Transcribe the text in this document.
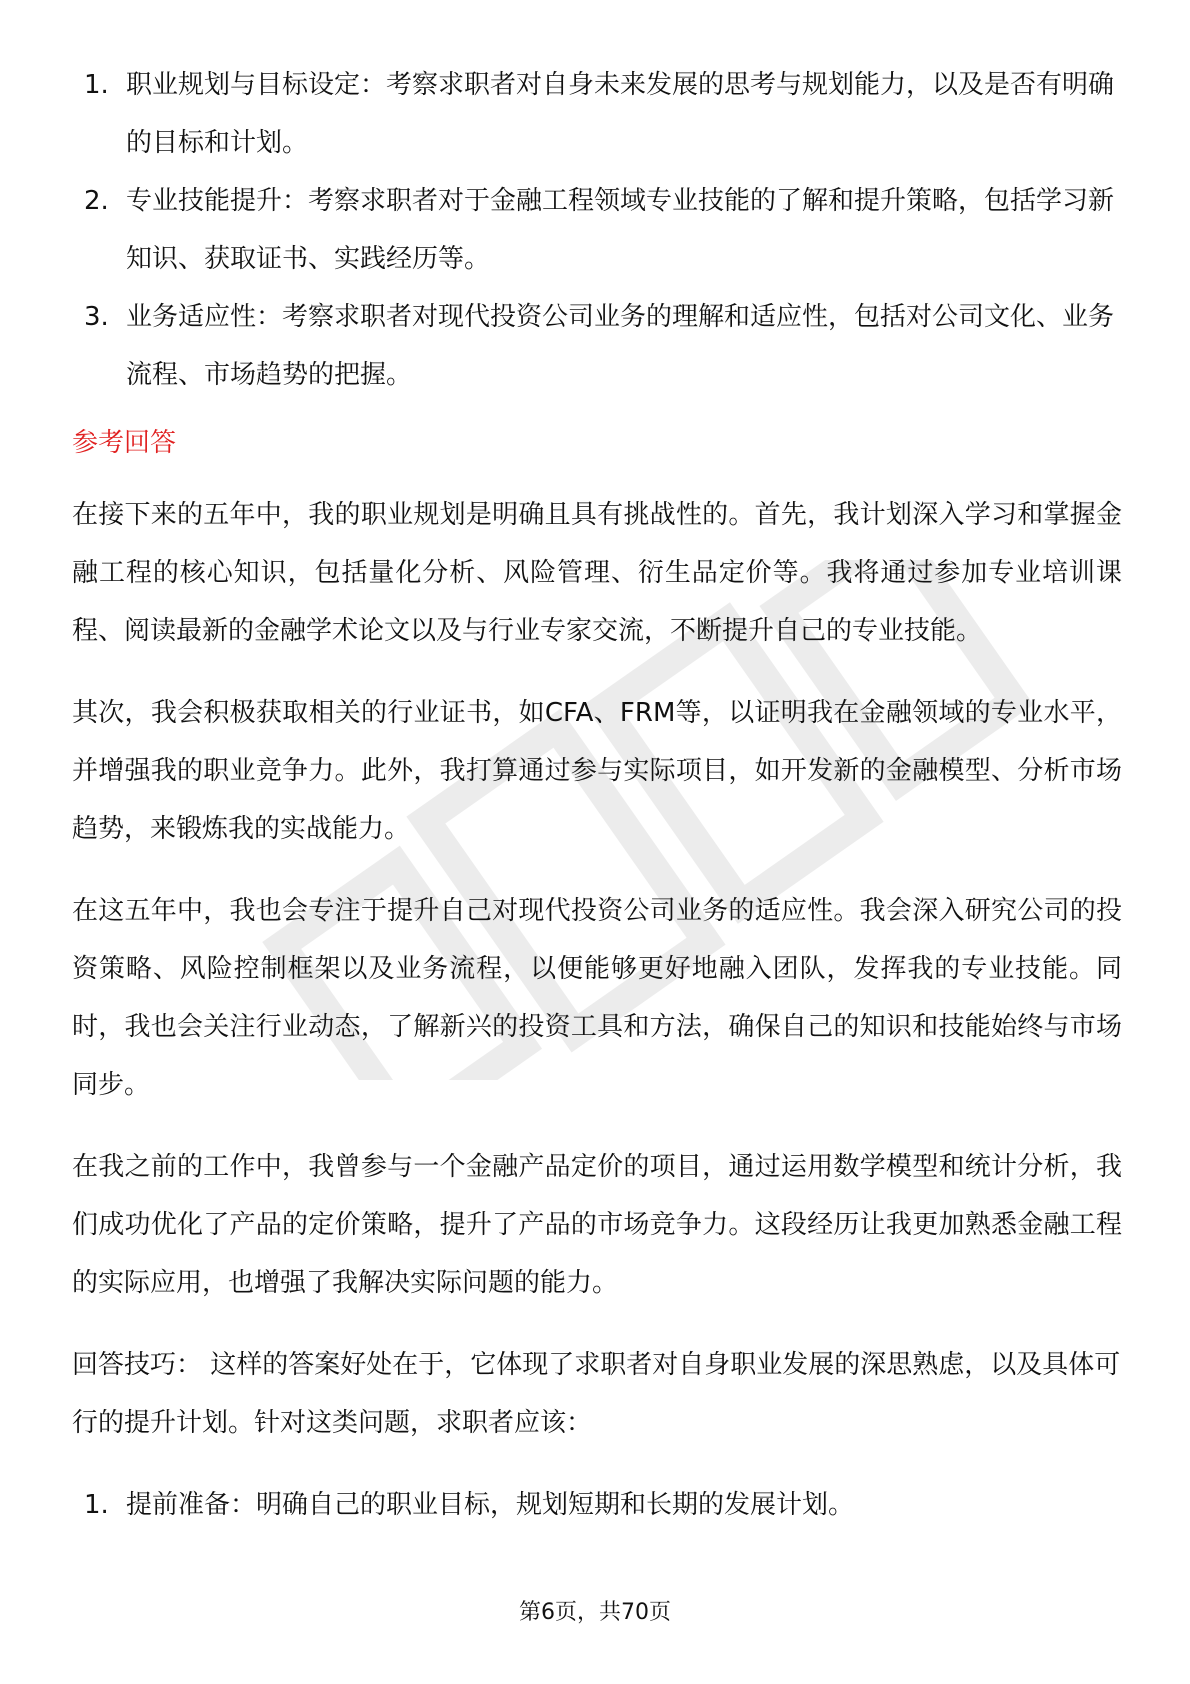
1. 职业规划与目标设定：考察求职者对自身未来发展的思考与规划能力，以及是否有明确的目标和计划。
2. 专业技能提升：考察求职者对于金融工程领域专业技能的了解和提升策略，包括学习新知识、获取证书、实践经历等。
3. 业务适应性：考察求职者对现代投资公司业务的理解和适应性，包括对公司文化、业务流程、市场趋势的把握。
参考回答

在接下来的五年中，我的职业规划是明确且具有挑战性的。首先，我计划深入学习和掌握金融工程的核心知识，包括量化分析、风险管理、衍生品定价等。我将通过参加专业培训课程、阅读最新的金融学术论文以及与行业专家交流，不断提升自己的专业技能。

其次，我会积极获取相关的行业证书，如CFA、FRM等，以证明我在金融领域的专业水平，并增强我的职业竞争力。此外，我打算通过参与实际项目，如开发新的金融模型、分析市场趋势，来锻炼我的实战能力。

在这五年中，我也会专注于提升自己对现代投资公司业务的适应性。我会深入研究公司的投资策略、风险控制框架以及业务流程，以便能够更好地融入团队，发挥我的专业技能。同时，我也会关注行业动态，了解新兴的投资工具和方法，确保自己的知识和技能始终与市场同步。

在我之前的工作中，我曾参与一个金融产品定价的项目，通过运用数学模型和统计分析，我们成功优化了产品的定价策略，提升了产品的市场竞争力。这段经历让我更加熟悉金融工程的实际应用，也增强了我解决实际问题的能力。

回答技巧： 这样的答案好处在于，它体现了求职者对自身职业发展的深思熟虑，以及具体可行的提升计划。针对这类问题，求职者应该：

1. 提前准备：明确自己的职业目标，规划短期和长期的发展计划。
第6页，共70页
